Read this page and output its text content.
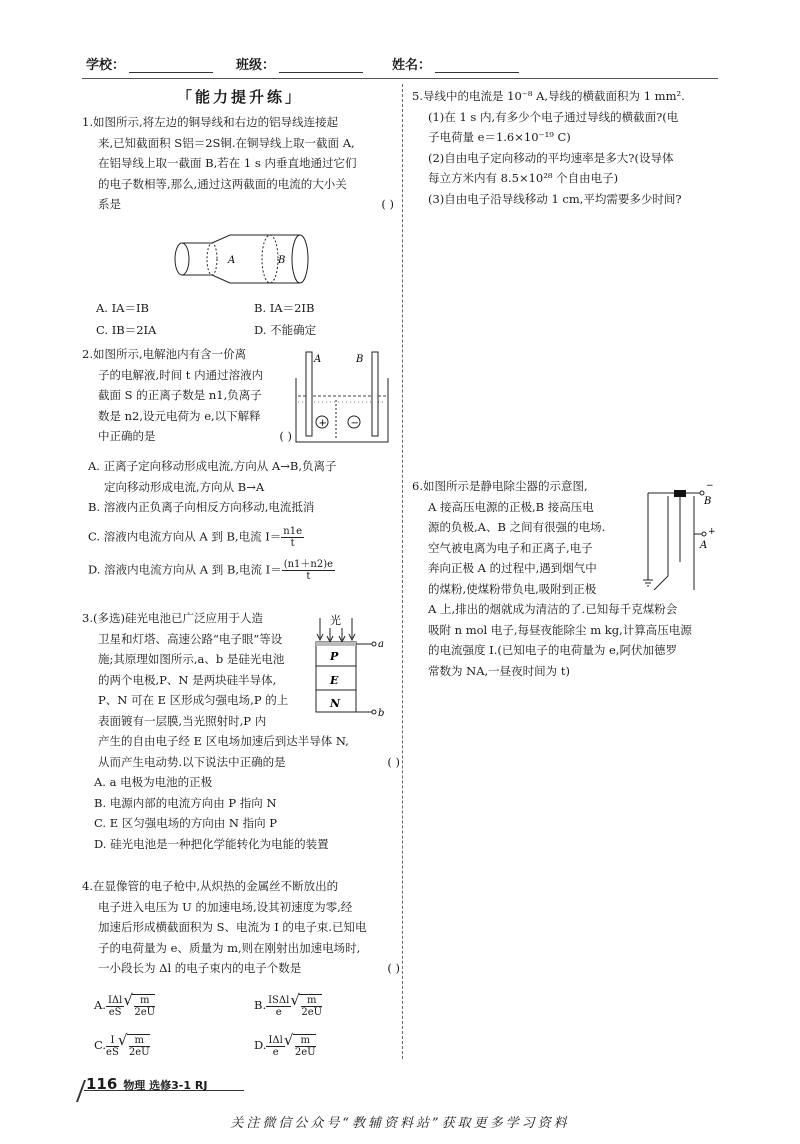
学校：	班级：	姓名：
「 能力提升练 」

1.如图所示,将左边的铜导线和右边的铝导线连接起

来,已知截面积 S铝＝2S铜.在铜导线上取一截面 A,

在铝导线上取一截面 B,若在 1 s 内垂直地通过它们

的电子数相等,那么,通过这两截面的电流的大小关

系是	( )

A	B
A. IA＝IB	B. IA＝2IB
C. IB＝2IA	D. 不能确定

2.如图所示,电解池内有含一价离

子的电解液,时间 t 内通过溶液内

截面 S 的正离子数是 n1,负离子

数是 n2,设元电荷为 e,以下解释

中正确的是	( )

A	B
+ −

A. 正离子定向移动形成电流,方向从 A→B,负离子

定向移动形成电流,方向从 B→A

B. 溶液内正负离子向相反方向移动,电流抵消

C. 溶液内电流方向从 A 到 B,电流 $I= \frac{n1e}{t}$

D. 溶液内电流方向从 A 到 B,电流 $I= \frac{(n1+n2)e}{t}$

3.(多选)硅光电池已广泛应用于人造

卫星和灯塔、高速公路“电子眼”等设

施;其原理如图所示,a、b 是硅光电池

的两个电极,P、N 是两块硅半导体,

P、N 可在 E 区形成匀强电场,P 的上

表面镀有一层膜,当光照射时,P 内

产生的自由电子经 E 区电场加速后到达半导体 N,

从而产生电动势.以下说法中正确的是	( )

光
P
E
N
a
b

A. a 电极为电池的正极

B. 电源内部的电流方向由 P 指向 N

C. E 区匀强电场的方向由 N 指向 P

D. 硅光电池是一种把化学能转化为电能的装置

4.在显像管的电子枪中,从炽热的金属丝不断放出的

电子进入电压为 U 的加速电场,设其初速度为零,经

加速后形成横截面积为 S、电流为 I 的电子束.已知电

子的电荷量为 e、质量为 m,则在刚射出加速电场时,

一小段长为 Δl 的电子束内的电子个数是	( )

A. $\frac{\text{IΔl}}{eS}$ √ $\frac{m}{2eU}$	B. $\frac{\text{ISΔl}}{e}$ √ $\frac{m}{2eU}$
C. $\frac{I}{eS}$ √ $\frac{m}{2eU}$	D. $\frac{\text{IΔl}}{e}$ √ $\frac{m}{2eU}$

5.导线中的电流是 10⁻⁸ A,导线的横截面积为 1 mm².

(1)在 1 s 内,有多少个电子通过导线的横截面?(电

子电荷量 e＝1.6×10⁻¹⁹ C)

(2)自由电子定向移动的平均速率是多大?(设导体

每立方米内有 8.5×10²⁸ 个自由电子)

(3)自由电子沿导线移动 1 cm,平均需要多少时间?

6.如图所示是静电除尘器的示意图,

A 接高压电源的正极,B 接高压电

源的负极,A、B 之间有很强的电场.

空气被电离为电子和正离子,电子

奔向正极 A 的过程中,遇到烟气中

的煤粉,使煤粉带负电,吸附到正极

A 上,排出的烟就成为清洁的了.已知每千克煤粉会

吸附 n mol 电子,每昼夜能除尘 m kg,计算高压电源

的电流强度 I.(已知电子的电荷量为 e,阿伏加德罗

常数为 NA,一昼夜时间为 t)

−
B
+
A
116 物理 选修3-1 RJ
关注微信公众号“教辅资料站”获取更多学习资料
